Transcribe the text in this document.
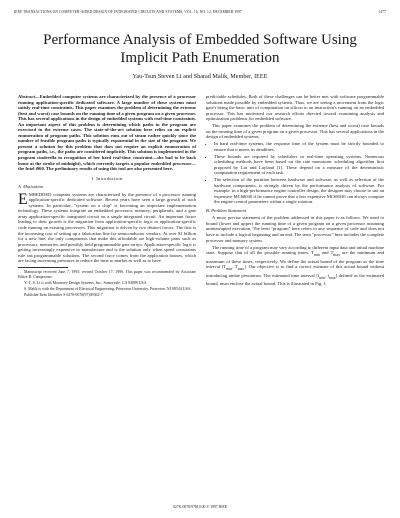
IEEE TRANSACTIONS ON COMPUTER-AIDED DESIGN OF INTEGRATED CIRCUITS AND SYSTEMS, VOL. 16, NO. 12, DECEMBER 1997	1477
Performance Analysis of Embedded Software Using Implicit Path Enumeration
Yau-Tsun Steven Li and Sharad Malik, Member, IEEE

Abstract—Embedded computer systems are characterized by the presence of a processor running application-specific dedicated software. A large number of these systems must satisfy real-time constraints. This paper examines the problem of determining the extreme (best and worst) case bounds on the running time of a given program on a given processor. This has several applications in the design of embedded systems with real-time constraints. An important aspect of this problem is determining which paths in the program are exercised in the extreme cases. The state-of-the-art solution here relies on an explicit enumeration of program paths. This solution runs out of steam rather quickly since the number of feasible program paths is typically exponential in the size of the program. We present a solution for this problem that does not require an explicit enumeration of program paths, i.e., the paths are considered implicitly. This solution is implemented in the program cinderella in recognition of her hard real-time constraint—she had to be back home at the stroke of midnight), which currently targets a popular embedded processor—the Intel i960. The preliminary results of using this tool are also presented here.

I. Introduction
A. Motivation

EMBEDDED computer systems are characterized by the presence of a processor running application-specific dedicated software. Recent years have seen a large growth of such systems. In particular, "system on a chip" is becoming an important implementation technology. These systems integrate an embedded processor, memory, peripherals, and a gate array application-specific integrated circuit on a single integrated circuit. An important factor leading to their growth is the migration from application-specific logic to application-specific code running on existing processors. This migration is driven by two distinct forces. The first is the increasing cost of setting up a fabrication line for semiconductor vendors. At over $1 billion for a new line, the only components that make this affordable are high-volume parts such as processors, memories, and possibly field programmable gate arrays. Application-specific logic is getting increasingly expensive to manufacture and is the solution only when speed constraints rule out programmable solutions. The second force comes from the application houses, which are facing increasing pressures to reduce the time to market as well as to have

Manuscript received June 7, 1995; revised October 17, 1996. This paper was recommended by Associate Editor R. Camposano.

Y.-T. S. Li is with Monterey Design Systems, Inc., Sunnyvale, CA 94089 USA.

S. Malik is with the Department of Electrical Engineering, Princeton University, Princeton, NJ 08544 USA.

Publisher Item Identifier S 0278-0070(97)09362-7.

predictable schedules. Both of these challenges can be better met with software programmable solutions made possible by embedded systems. Thus, we are seeing a movement from the logic gate's being the basic unit of computation on silicon to an instruction's running on an embedded processor. This has motivated our research efforts directed toward examining analysis and optimization problems for embedded software.

This paper examines the problem of determining the extreme (best and worst) case bounds on the running time of a given program on a given processor. This has several applications in the design of embedded systems.

• In hard real-time systems, the response time of the system must be strictly bounded to ensure that it meets its deadlines.
• These bounds are required by schedulers in real-time operating systems. Numerous scheduling methods have been based on the rate monotonic scheduling algorithm first proposed by Liu and Layland [1]. These depend on a measure of the deterministic computation requirement of each task.
• The selection of the partition between hardware and software, as well as selection of the hardware components, is strongly driven by the performance analysis of software. For example, in a high-performance engine controller design, the designer may choose to use an expensive MC68040 if he cannot prove that a less expensive MC68030 can always compute the engine control parameters within a single rotation.
B. Problem Statement

A more precise statement of the problem addressed in this paper is as follows. We need to bound (lower and upper) the running time of a given program on a given processor assuming uninterrupted execution. The term "program" here refers to any sequence of code and does not have to include a logical beginning and an end. The term "processor" here includes the complete processor and memory system.

The running time of a program may vary according to different input data and initial machine state. Suppose that of all the possible running times, $T_{min}$ and $T_{max}$ are the minimum and maximum of these times, respectively. We define the actual bound of the program as the time interval [$T_{min}$, $T_{max}$]. Our objective is to find a correct estimate of this actual bound without introducing undue pessimism. The estimated time interval [$t_{min}$, $t_{max}$] defined as the estimated bound, must enclose the actual bound. This is illustrated in Fig. 1.

0278–0070/97$10.00 © 1997 IEEE
